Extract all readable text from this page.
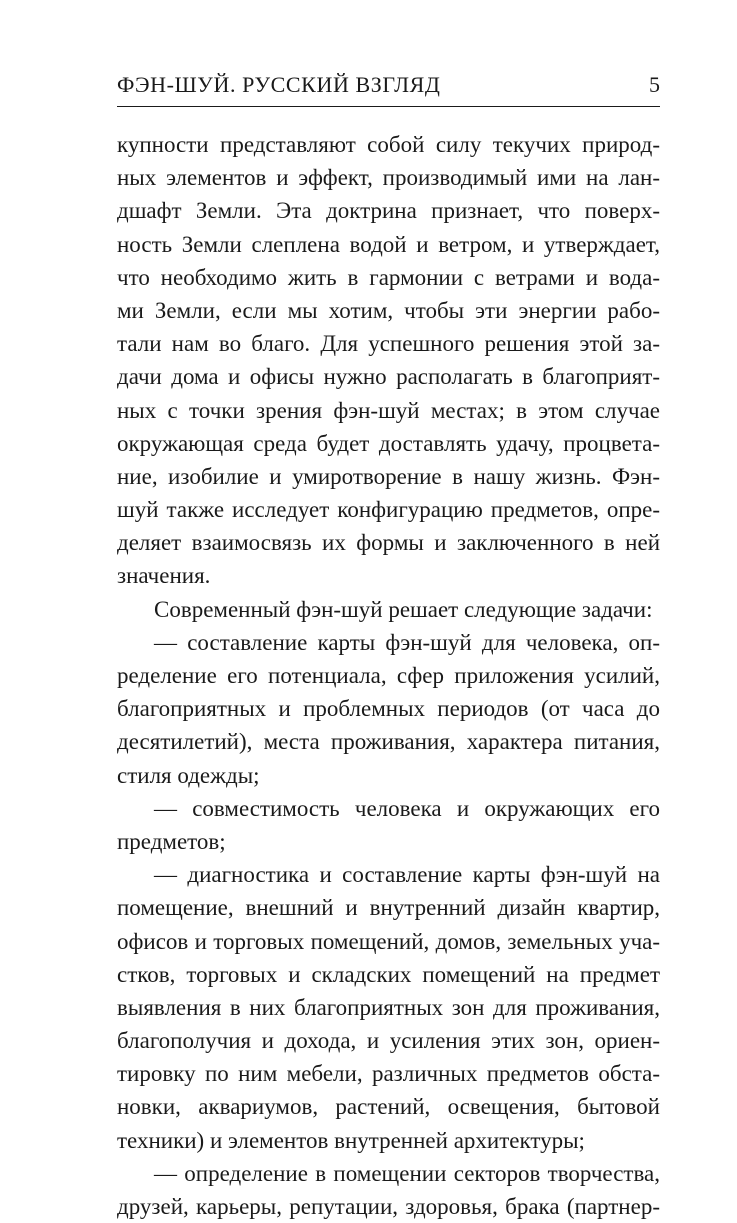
ФЭН-ШУЙ. РУССКИЙ ВЗГЛЯД	5
купности представляют собой силу текучих природ-
ных элементов и эффект, производимый ими на лан-
дшафт Земли. Эта доктрина признает, что поверх-
ность Земли слеплена водой и ветром, и утверждает,
что необходимо жить в гармонии с ветрами и вода-
ми Земли, если мы хотим, чтобы эти энергии рабо-
тали нам во благо. Для успешного решения этой за-
дачи дома и офисы нужно располагать в благоприят-
ных с точки зрения фэн-шуй местах; в этом случае
окружающая среда будет доставлять удачу, процвета-
ние, изобилие и умиротворение в нашу жизнь. Фэн-
шуй также исследует конфигурацию предметов, опре-
деляет взаимосвязь их формы и заключенного в ней
значения.
Современный фэн-шуй решает следующие задачи:
— составление карты фэн-шуй для человека, оп-
ределение его потенциала, сфер приложения усилий,
благоприятных и проблемных периодов (от часа до
десятилетий), места проживания, характера питания,
стиля одежды;
— совместимость человека и окружающих его
предметов;
— диагностика и составление карты фэн-шуй на
помещение, внешний и внутренний дизайн квартир,
офисов и торговых помещений, домов, земельных уча-
стков, торговых и складских помещений на предмет
выявления в них благоприятных зон для проживания,
благополучия и дохода, и усиления этих зон, ориен-
тировку по ним мебели, различных предметов обста-
новки, аквариумов, растений, освещения, бытовой
техники) и элементов внутренней архитектуры;
— определение в помещении секторов творчества,
друзей, карьеры, репутации, здоровья, брака (партнер-
